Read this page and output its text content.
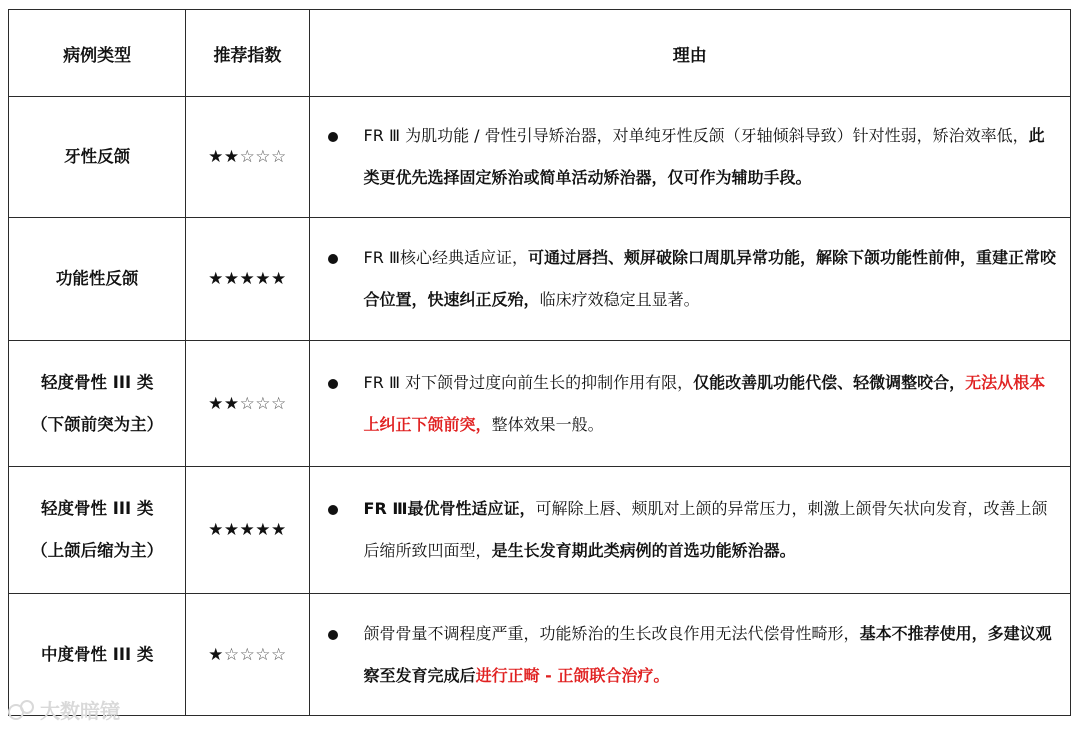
病例类型	推荐指数	理由

牙性反颌	★★☆☆☆	FR Ⅲ 为肌功能 / 骨性引导矫治器，对单纯牙性反颌（牙轴倾斜导致）针对性弱，矫治效率低，此类更优先选择固定矫治或简单活动矫治器，仅可作为辅助手段。

功能性反颌	★★★★★	FR Ⅲ核心经典适应证，可通过唇挡、颊屏破除口周肌异常功能，解除下颌功能性前伸，重建正常咬合位置，快速纠正反殆，临床疗效稳定且显著。

轻度骨性 III 类
（下颌前突为主）	★★☆☆☆	FR Ⅲ 对下颌骨过度向前生长的抑制作用有限，仅能改善肌功能代偿、轻微调整咬合，无法从根本上纠正下颌前突，整体效果一般。

轻度骨性 III 类
（上颌后缩为主）	★★★★★	FR Ⅲ最优骨性适应证，可解除上唇、颊肌对上颌的异常压力，刺激上颌骨矢状向发育，改善上颌后缩所致凹面型，是生长发育期此类病例的首选功能矫治器。

中度骨性 III 类	★☆☆☆☆	颌骨骨量不调程度严重，功能矫治的生长改良作用无法代偿骨性畸形，基本不推荐使用，多建议观察至发育完成后进行正畸 - 正颌联合治疗。
大数暗镜
